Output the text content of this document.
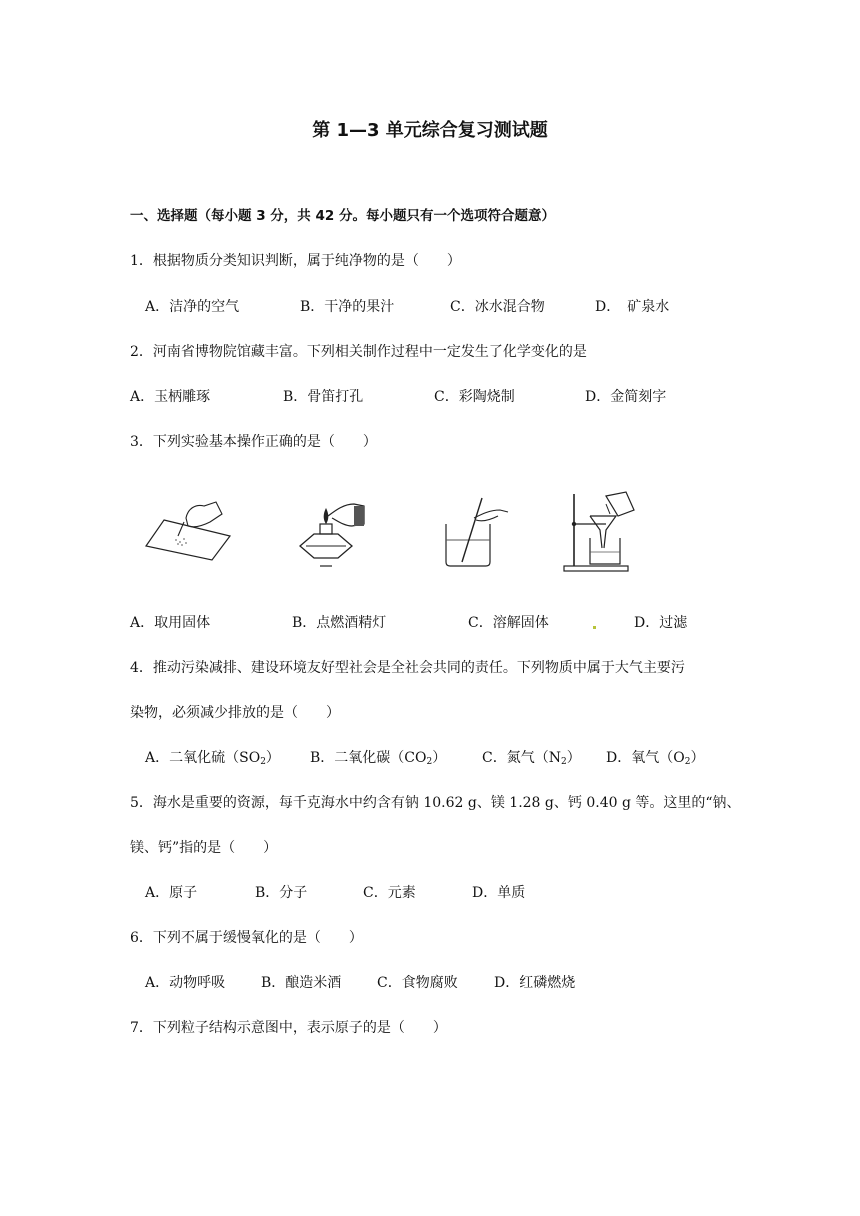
第 1—3 单元综合复习测试题
一、选择题（每小题 3 分，共 42 分。每小题只有一个选项符合题意）
1．根据物质分类知识判断，属于纯净物的是（　　）
A．洁净的空气	B．干净的果汁	C．冰水混合物	D．　矿泉水
2．河南省博物院馆藏丰富。下列相关制作过程中一定发生了化学变化的是
A．玉柄雕琢	B．骨笛打孔	C．彩陶烧制	D．金简刻字
3．下列实验基本操作正确的是（　　）
A．取用固体	B．点燃酒精灯	C．溶解固体	D．过滤
4．推动污染减排、建设环境友好型社会是全社会共同的责任。下列物质中属于大气主要污
染物，必须减少排放的是（　　）
A．二氧化硫$(SO_2)$ B．二氧化碳$(CO_2)$	C．氮气$(N_2)$ D．氧气$(O_2)$
5．海水是重要的资源，每千克海水中约含有钠 10.62 g、镁 1.28 g、钙 0.40 g 等。这里的“钠、
镁、钙”指的是（　　）
A．原子	B．分子	C．元素	D．单质
6．下列不属于缓慢氧化的是（　　）
A．动物呼吸	B．酿造米酒	C．食物腐败	D．红磷燃烧
7．下列粒子结构示意图中，表示原子的是（　　）
